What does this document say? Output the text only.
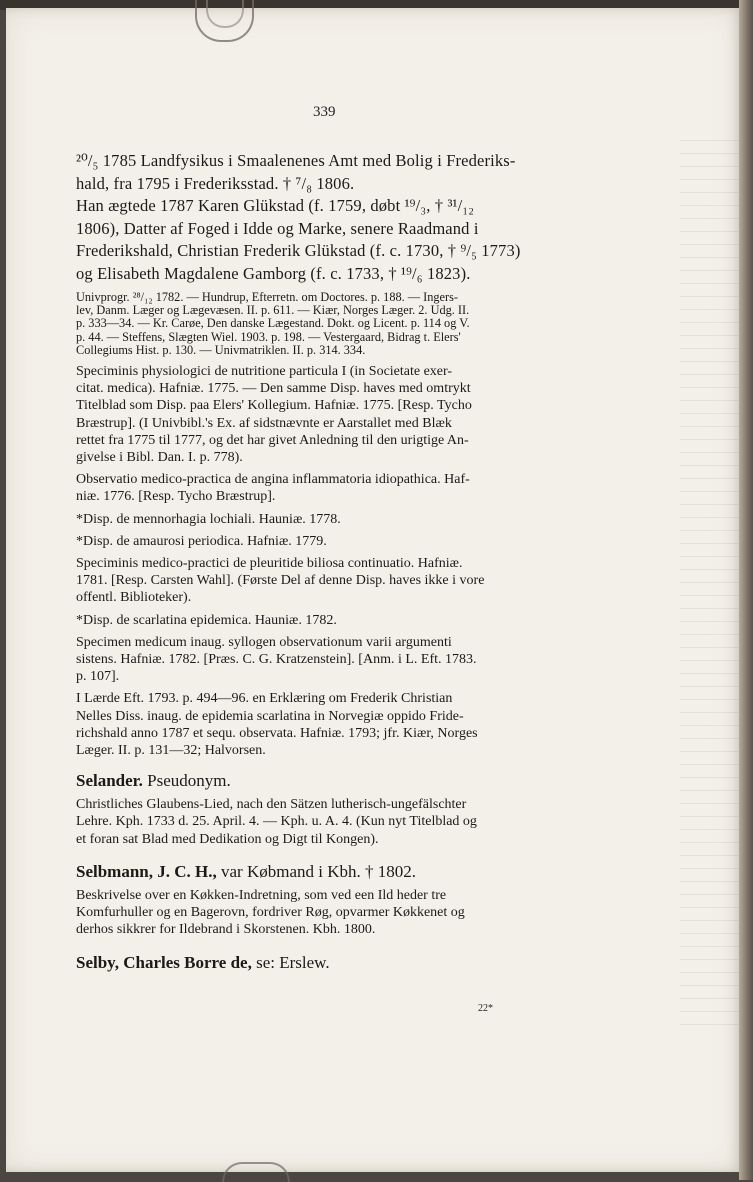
339

²⁰/₅ 1785 Landfysikus i Smaalenenes Amt med Bolig i Frederiks-

hald, fra 1795 i Frederiksstad. † ⁷/₈ 1806.

Han ægtede 1787 Karen Glükstad (f. 1759, døbt ¹⁹/₃, † ³¹/₁₂

1806), Datter af Foged i Idde og Marke, senere Raadmand i

Frederikshald, Christian Frederik Glükstad (f. c. 1730, † ⁹/₅ 1773)

og Elisabeth Magdalene Gamborg (f. c. 1733, † ¹⁹/₆ 1823).

Univprogr. ²⁸/₁₂ 1782. — Hundrup, Efterretn. om Doctores. p. 188. — Ingers-

lev, Danm. Læger og Lægevæsen. II. p. 611. — Kiær, Norges Læger. 2. Udg. II.

p. 333—34. — Kr. Carøe, Den danske Lægestand. Dokt. og Licent. p. 114 og V.

p. 44. — Steffens, Slægten Wiel. 1903. p. 198. — Vestergaard, Bidrag t. Elers'

Collegiums Hist. p. 130. — Univmatriklen. II. p. 314. 334.

Speciminis physiologici de nutritione particula I (in Societate exer-

citat. medica). Hafniæ. 1775. — Den samme Disp. haves med omtrykt

Titelblad som Disp. paa Elers' Kollegium. Hafniæ. 1775. [Resp. Tycho

Bræstrup]. (I Univbibl.'s Ex. af sidstnævnte er Aarstallet med Blæk

rettet fra 1775 til 1777, og det har givet Anledning til den urigtige An-

givelse i Bibl. Dan. I. p. 778).

Observatio medico-practica de angina inflammatoria idiopathica. Haf-

niæ. 1776. [Resp. Tycho Bræstrup].

*Disp. de mennorhagia lochiali. Hauniæ. 1778.

*Disp. de amaurosi periodica. Hafniæ. 1779.

Speciminis medico-practici de pleuritide biliosa continuatio. Hafniæ.

1781. [Resp. Carsten Wahl]. (Første Del af denne Disp. haves ikke i vore

offentl. Biblioteker).

*Disp. de scarlatina epidemica. Hauniæ. 1782.

Specimen medicum inaug. syllogen observationum varii argumenti

sistens. Hafniæ. 1782. [Præs. C. G. Kratzenstein]. [Anm. i L. Eft. 1783.

p. 107].

I Lærde Eft. 1793. p. 494—96. en Erklæring om Frederik Christian

Nelles Diss. inaug. de epidemia scarlatina in Norvegiæ oppido Fride-

richshald anno 1787 et sequ. observata. Hafniæ. 1793; jfr. Kiær, Norges

Læger. II. p. 131—32; Halvorsen.

Selander. Pseudonym.

Christliches Glaubens-Lied, nach den Sätzen lutherisch-ungefälschter

Lehre. Kph. 1733 d. 25. April. 4. — Kph. u. A. 4. (Kun nyt Titelblad og

et foran sat Blad med Dedikation og Digt til Kongen).

Selbmann, J. C. H., var Købmand i Kbh. † 1802.

Beskrivelse over en Køkken-Indretning, som ved een Ild heder tre

Komfurhuller og en Bagerovn, fordriver Røg, opvarmer Køkkenet og

derhos sikkrer for Ildebrand i Skorstenen. Kbh. 1800.

Selby, Charles Borre de, se: Erslew.

22*
